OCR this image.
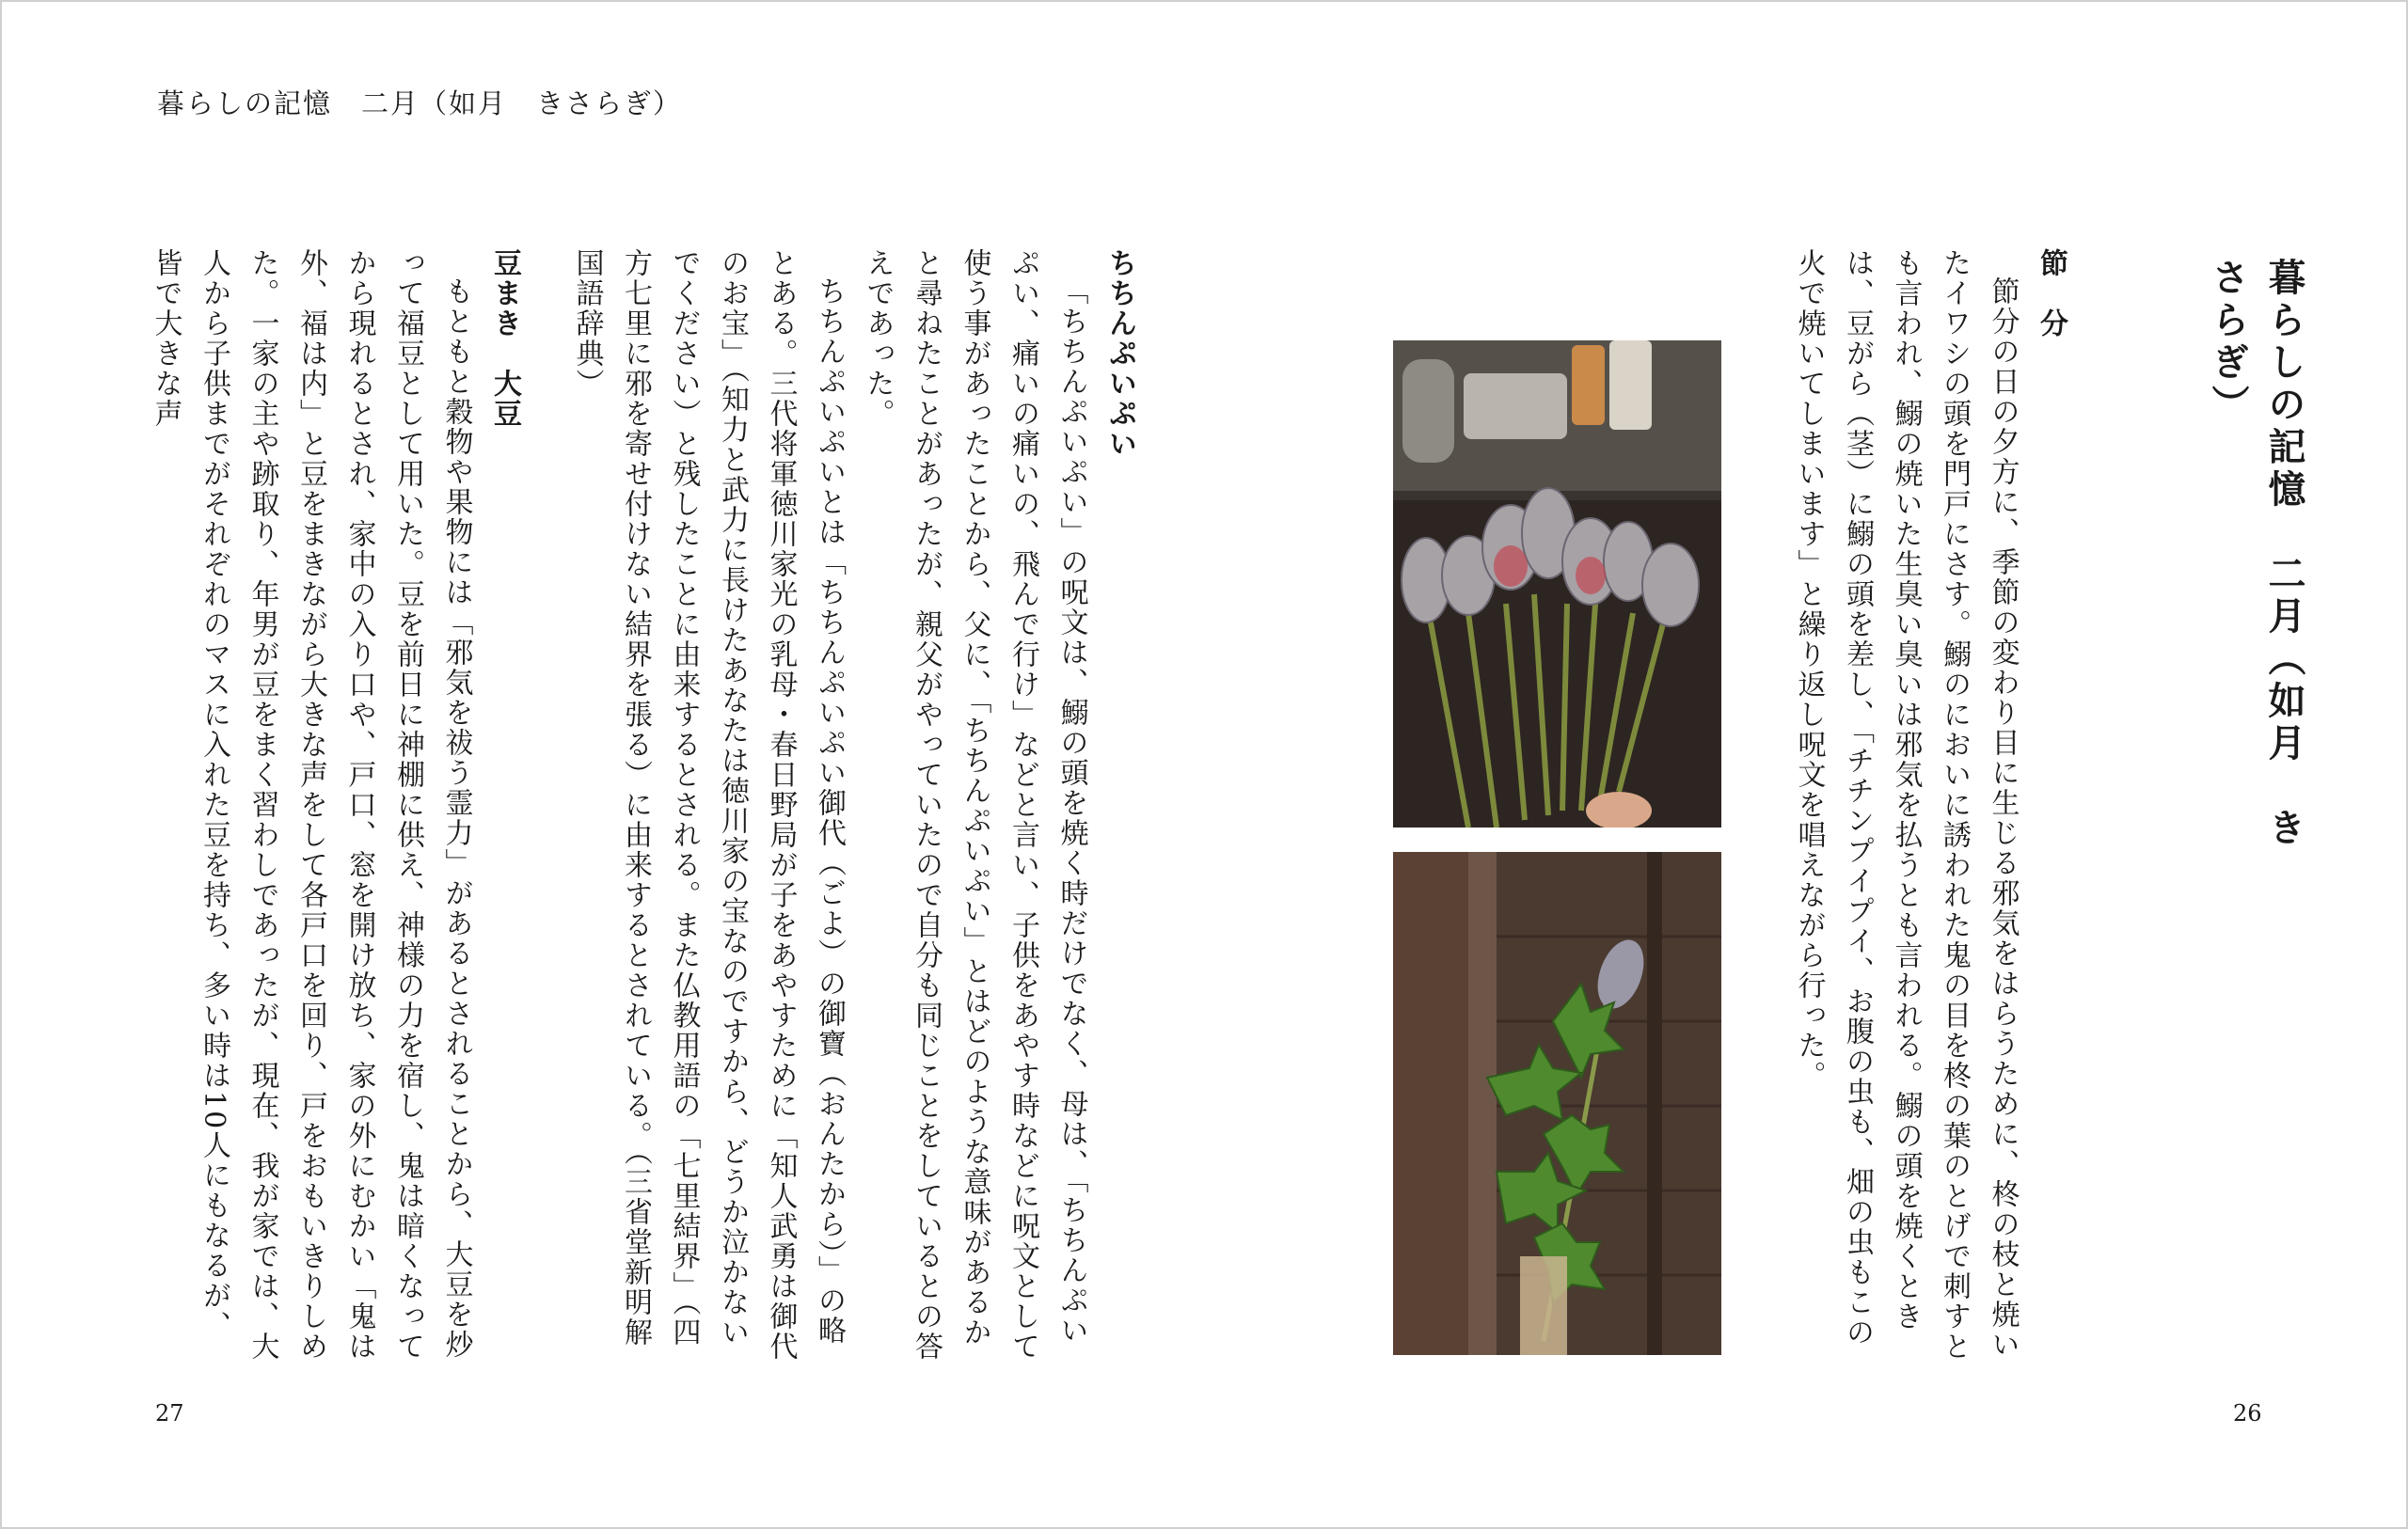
暮らしの記憶　二月（如月　きさらぎ）
暮らしの記憶　二月（如月　きさらぎ）
節　分
節分の日の夕方に、季節の変わり目に生じる邪気をはらうために、柊の枝と焼いたイワシの頭を門戸にさす。鰯のにおいに誘われた鬼の目を柊の葉のとげで刺すとも言われ、鰯の焼いた生臭い臭いは邪気を払うとも言われる。鰯の頭を焼くときは、豆がら（茎）に鰯の頭を差し、「チチンプイプイ、お腹の虫も、畑の虫もこの火で焼いてしまいます」と繰り返し呪文を唱えながら行った。
ちちんぷいぷい
「ちちんぷいぷい」の呪文は、鰯の頭を焼く時だけでなく、母は、「ちちんぷいぷい、痛いの痛いの、飛んで行け」などと言い、子供をあやす時などに呪文として使う事があったことから、父に、「ちちんぷいぷい」とはどのような意味があるかと尋ねたことがあったが、親父がやっていたので自分も同じことをしているとの答えであった。
ちちんぷいぷいとは「ちちんぷいぷい御代（ごよ）の御寶（おんたから）」の略とある。三代将軍徳川家光の乳母・春日野局が子をあやすために「知人武勇は御代のお宝」（知力と武力に長けたあなたは徳川家の宝なのですから、どうか泣かないでください）と残したことに由来するとされる。また仏教用語の「七里結界」（四方七里に邪を寄せ付けない結界を張る）に由来するとされている。（三省堂新明解国語辞典）
豆まき　大豆
もともと穀物や果物には「邪気を祓う霊力」があるとされることから、大豆を炒って福豆として用いた。豆を前日に神棚に供え、神様の力を宿し、鬼は暗くなってから現れるとされ、家中の入り口や、戸口、窓を開け放ち、家の外にむかい「鬼は外、福は内」と豆をまきながら大きな声をして各戸口を回り、戸をおもいきりしめた。一家の主や跡取り、年男が豆をまく習わしであったが、現在、我が家では、大人から子供までがそれぞれのマスに入れた豆を持ち、多い時は10人にもなるが、皆で大きな声
27	26
